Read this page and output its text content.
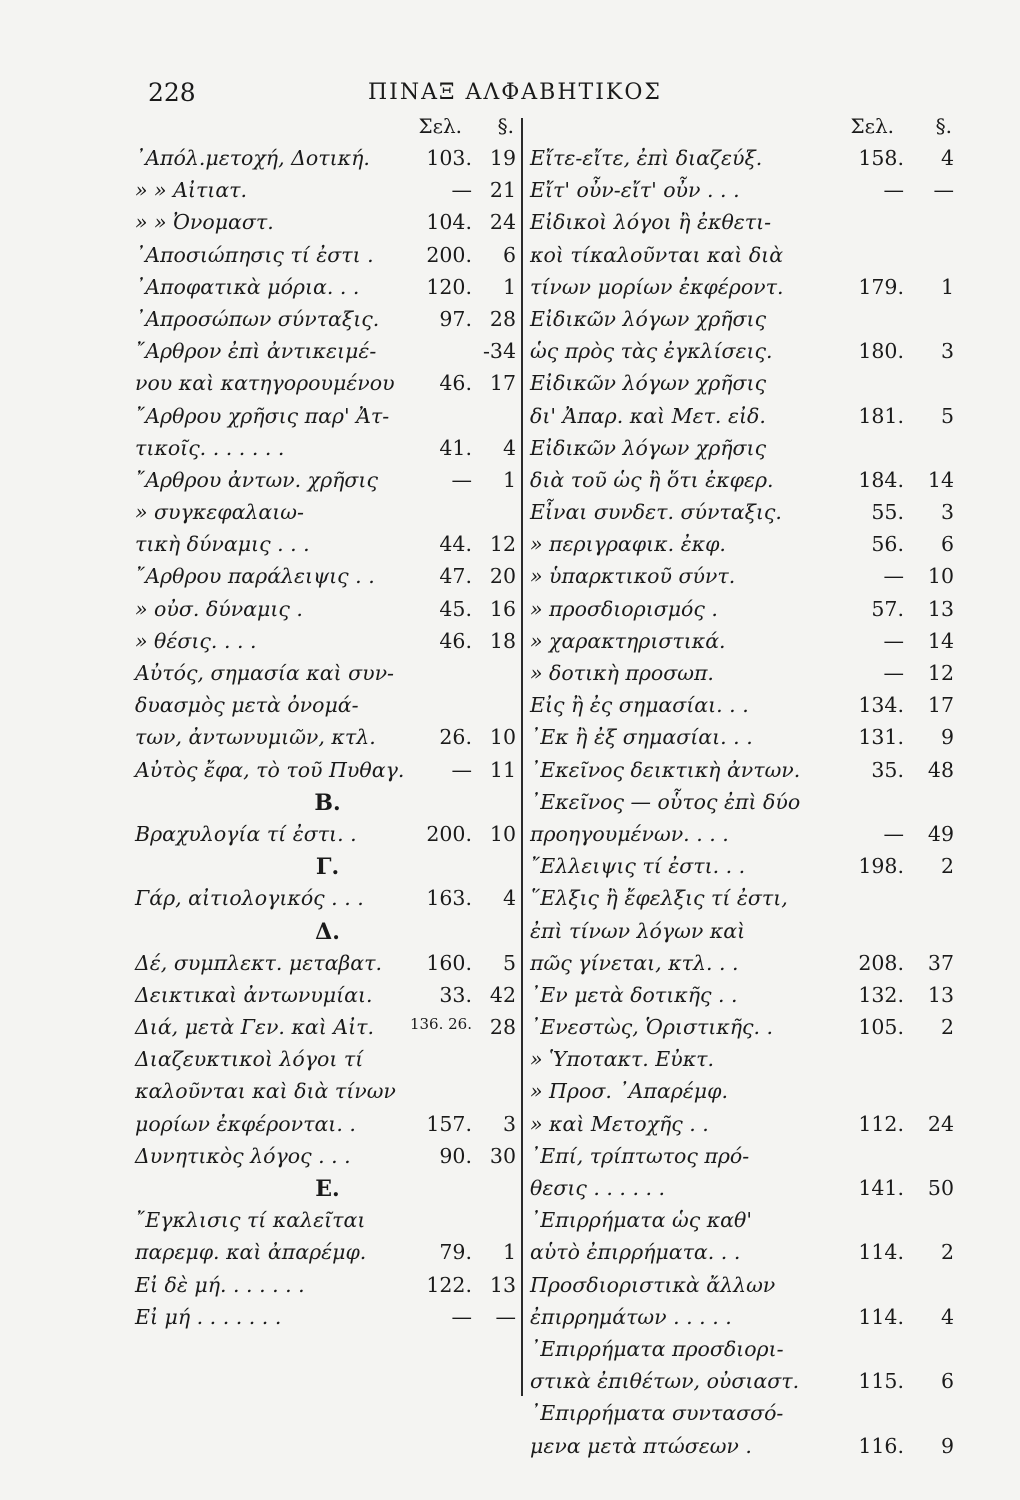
228	ΠΙΝΑΞ ΑΛΦΑΒΗΤΙΚΟΣ
Σελ. §.
᾿Απόλ.μετοχή, Δοτική.	103. 19
» » Αἰτιατ.	— 21
» » Ὀνομαστ.	104. 24
᾿Αποσιώπησις τί ἐστι .	200.	6
᾿Αποφατικὰ μόρια. . .	120.	1
᾿Απροσώπων σύνταξις.	97. 28
῎Αρθρον ἐπὶ ἀντικειμέ-	-34
νου καὶ κατηγορουμένου	46. 17
῎Αρθρου χρῆσις παρ' Ἀτ-
τικοῖς. . . . . . .	41.	4
῎Αρθρου ἀντων. χρῆσις	—	1
» συγκεφαλαιω-
τικὴ δύναμις . . .	44. 12
῎Αρθρου παράλειψις . .	47. 20
» οὐσ. δύναμις .	45. 16
» θέσις. . . .	46. 18
Αὐτός, σημασία καὶ συν-
δυασμὸς μετὰ ὀνομά-
των, ἀντωνυμιῶν, κτλ.	26. 10
Αὐτὸς ἔφα, τὸ τοῦ Πυθαγ.	— 11
Β.
Βραχυλογία τί ἐστι. .	200. 10
Γ.
Γάρ, αἰτιολογικός . . .	163.	4
Δ.
Δέ, συμπλεκτ. μεταβατ.	160.	5
Δεικτικαὶ ἀντωνυμίαι.	33. 42
Διά, μετὰ Γεν. καὶ Αἰτ.	136. 26. 28
Διαζευκτικοὶ λόγοι τί
καλοῦνται καὶ διὰ τίνων
μορίων ἐκφέρονται. .	157.	3
Δυνητικὸς λόγος . . .	90. 30
Ε.
῎Εγκλισις τί καλεῖται
παρεμφ. καὶ ἀπαρέμφ.	79.	1
Εἰ δὲ μή. . . . . . .	122. 13
Εἰ μή . . . . . . .	—	—
Σελ. §.
Εἴτε-εἴτε, ἐπὶ διαζεύξ.	158.	4
Εἴτ' οὖν-εἴτ' οὖν . . .	—	—
Εἰδικοὶ λόγοι ἢ ἐκθετι-
κοὶ τίκαλοῦνται καὶ διὰ
τίνων μορίων ἐκφέροντ.	179.	1
Εἰδικῶν λόγων χρῆσις
ὡς πρὸς τὰς ἐγκλίσεις.	180.	3
Εἰδικῶν λόγων χρῆσις
δι' Ἀπαρ. καὶ Μετ. εἰδ.	181.	5
Εἰδικῶν λόγων χρῆσις
διὰ τοῦ ὡς ἢ ὅτι ἐκφερ.	184.	14
Εἶναι συνδετ. σύνταξις.	55.	3
» περιγραφικ. ἐκφ.	56.	6
» ὑπαρκτικοῦ σύντ.	—	10
» προσδιορισμός .	57.	13
» χαρακτηριστικά.	—	14
» δοτικὴ προσωπ.	—	12
Εἰς ἢ ἐς σημασίαι. . .	134.	17
᾿Εκ ἢ ἐξ σημασίαι. . .	131.	9
᾿Εκεῖνος δεικτικὴ ἀντων.	35.	48
᾿Εκεῖνος — οὗτος ἐπὶ δύο
προηγουμένων. . . .	—	49
῎Ελλειψις τί ἐστι. . .	198.	2
῞Ελξις ἢ ἔφελξις τί ἐστι,
ἐπὶ τίνων λόγων καὶ
πῶς γίνεται, κτλ. . .	208.	37
᾿Εν μετὰ δοτικῆς . .	132.	13
᾿Ενεστὼς, Ὁριστικῆς. .	105.	2
» Ὑποτακτ. Εὐκτ.
» Προσ. ᾿Απαρέμφ.
» καὶ Μετοχῆς . .	112.	24
᾿Επί, τρίπτωτος πρό-
θεσις . . . . . .	141.	50
᾿Επιρρήματα ὡς καθ'
αὑτὸ ἐπιρρήματα. . .	114.	2
Προσδιοριστικὰ ἄλλων
ἐπιρρημάτων . . . . .	114.	4
᾿Επιρρήματα προσδιορι-
στικὰ ἐπιθέτων, οὐσιαστ.	115.	6
᾿Επιρρήματα συντασσό-
μενα μετὰ πτώσεων .	116.	9
